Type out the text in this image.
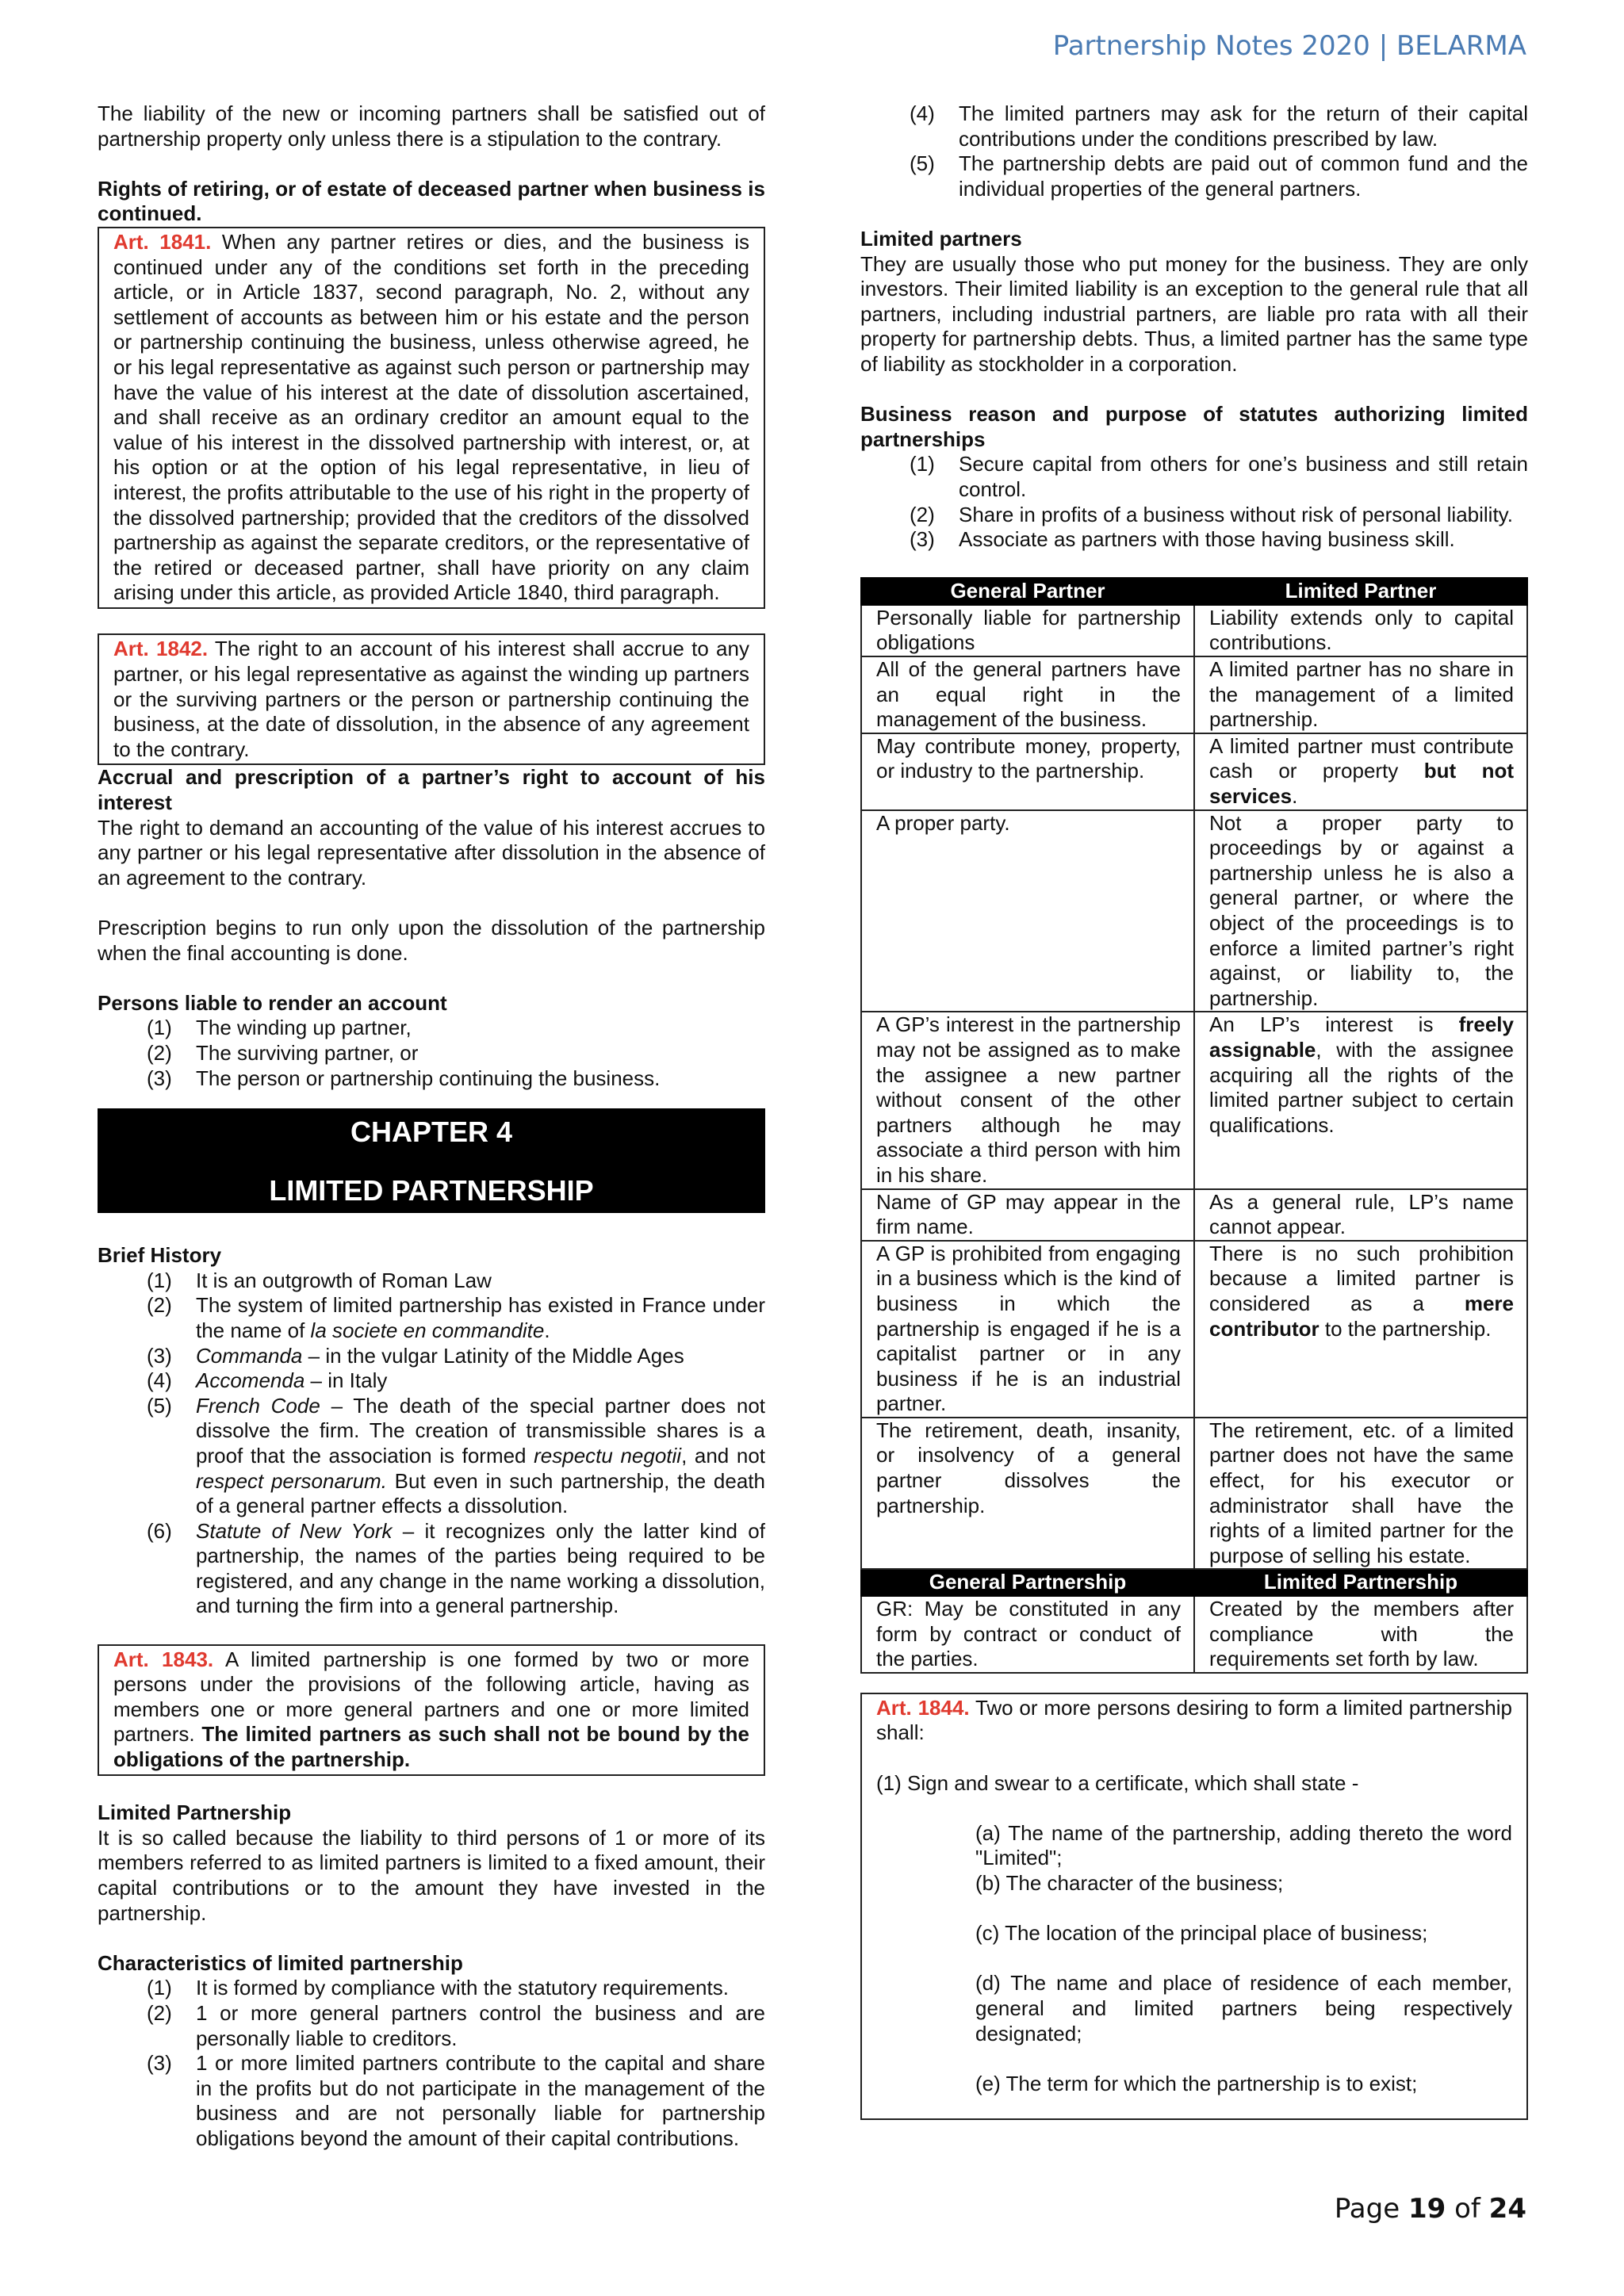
Partnership Notes 2020 | BELARMA

The liability of the new or incoming partners shall be satisfied out of partnership property only unless there is a stipulation to the contrary.

Rights of retiring, or of estate of deceased partner when business is continued.

Art. 1841. When any partner retires or dies, and the business is continued under any of the conditions set forth in the preceding article, or in Article 1837, second paragraph, No. 2, without any settlement of accounts as between him or his estate and the person or partnership continuing the business, unless otherwise agreed, he or his legal representative as against such person or partnership may have the value of his interest at the date of dissolution ascertained, and shall receive as an ordinary creditor an amount equal to the value of his interest in the dissolved partnership with interest, or, at his option or at the option of his legal representative, in lieu of interest, the profits attributable to the use of his right in the property of the dissolved partnership; provided that the creditors of the dissolved partnership as against the separate creditors, or the representative of the retired or deceased partner, shall have priority on any claim arising under this article, as provided Article 1840, third paragraph.
Art. 1842. The right to an account of his interest shall accrue to any partner, or his legal representative as against the winding up partners or the surviving partners or the person or partnership continuing the business, at the date of dissolution, in the absence of any agreement to the contrary.

Accrual and prescription of a partner’s right to account of his interest

The right to demand an accounting of the value of his interest accrues to any partner or his legal representative after dissolution in the absence of an agreement to the contrary.

Prescription begins to run only upon the dissolution of the partnership when the final accounting is done.

Persons liable to render an account

(1)	The winding up partner,
(2)	The surviving partner, or
(3)	The person or partnership continuing the business.
CHAPTER 4
LIMITED PARTNERSHIP

Brief History

(1)	It is an outgrowth of Roman Law
(2)	The system of limited partnership has existed in France under the name of la societe en commandite.
(3)	Commanda – in the vulgar Latinity of the Middle Ages
(4)	Accomenda – in Italy
(5)	French Code – The death of the special partner does not dissolve the firm. The creation of transmissible shares is a proof that the association is formed respectu negotii, and not respect personarum. But even in such partnership, the death of a general partner effects a dissolution.
(6)	Statute of New York – it recognizes only the latter kind of partnership, the names of the parties being required to be registered, and any change in the name working a dissolution, and turning the firm into a general partnership.
Art. 1843. A limited partnership is one formed by two or more persons under the provisions of the following article, having as members one or more general partners and one or more limited partners. The limited partners as such shall not be bound by the obligations of the partnership.

Limited Partnership

It is so called because the liability to third persons of 1 or more of its members referred to as limited partners is limited to a fixed amount, their capital contributions or to the amount they have invested in the partnership.

Characteristics of limited partnership

(1)	It is formed by compliance with the statutory requirements.
(2)	1 or more general partners control the business and are personally liable to creditors.
(3)	1 or more limited partners contribute to the capital and share in the profits but do not participate in the management of the business and are not personally liable for partnership obligations beyond the amount of their capital contributions.
(4)	The limited partners may ask for the return of their capital contributions under the conditions prescribed by law.
(5)	The partnership debts are paid out of common fund and the individual properties of the general partners.

Limited partners

They are usually those who put money for the business. They are only investors. Their limited liability is an exception to the general rule that all partners, including industrial partners, are liable pro rata with all their property for partnership debts. Thus, a limited partner has the same type of liability as stockholder in a corporation.

Business reason and purpose of statutes authorizing limited partnerships

(1)	Secure capital from others for one’s business and still retain control.
(2)	Share in profits of a business without risk of personal liability.
(3)	Associate as partners with those having business skill.
General Partner	Limited Partner
Personally liable for partnership obligations	Liability extends only to capital contributions.
All of the general partners have an equal right in the management of the business.	A limited partner has no share in the management of a limited partnership.
May contribute money, property, or industry to the partnership.	A limited partner must contribute cash or property but not services.
A proper party.	Not a proper party to proceedings by or against a partnership unless he is also a general partner, or where the object of the proceedings is to enforce a limited partner’s right against, or liability to, the partnership.
A GP’s interest in the partnership may not be assigned as to make the assignee a new partner without consent of the other partners although he may associate a third person with him in his share.	An LP’s interest is freely assignable, with the assignee acquiring all the rights of the limited partner subject to certain qualifications.
Name of GP may appear in the firm name.	As a general rule, LP’s name cannot appear.
A GP is prohibited from engaging in a business which is the kind of business in which the partnership is engaged if he is a capitalist partner or in any business if he is an industrial partner.	There is no such prohibition because a limited partner is considered as a mere contributor to the partnership.
The retirement, death, insanity, or insolvency of a general partner dissolves the partnership.	The retirement, etc. of a limited partner does not have the same effect, for his executor or administrator shall have the rights of a limited partner for the purpose of selling his estate.
General Partnership	Limited Partnership
GR: May be constituted in any form by contract or conduct of the parties.	Created by the members after compliance with the requirements set forth by law.

Art. 1844. Two or more persons desiring to form a limited partnership shall:

(1) Sign and swear to a certificate, which shall state -

(a) The name of the partnership, adding thereto the word "Limited";

(b) The character of the business;

(c) The location of the principal place of business;

(d) The name and place of residence of each member, general and limited partners being respectively designated;

(e) The term for which the partnership is to exist;

Page 19 of 24
